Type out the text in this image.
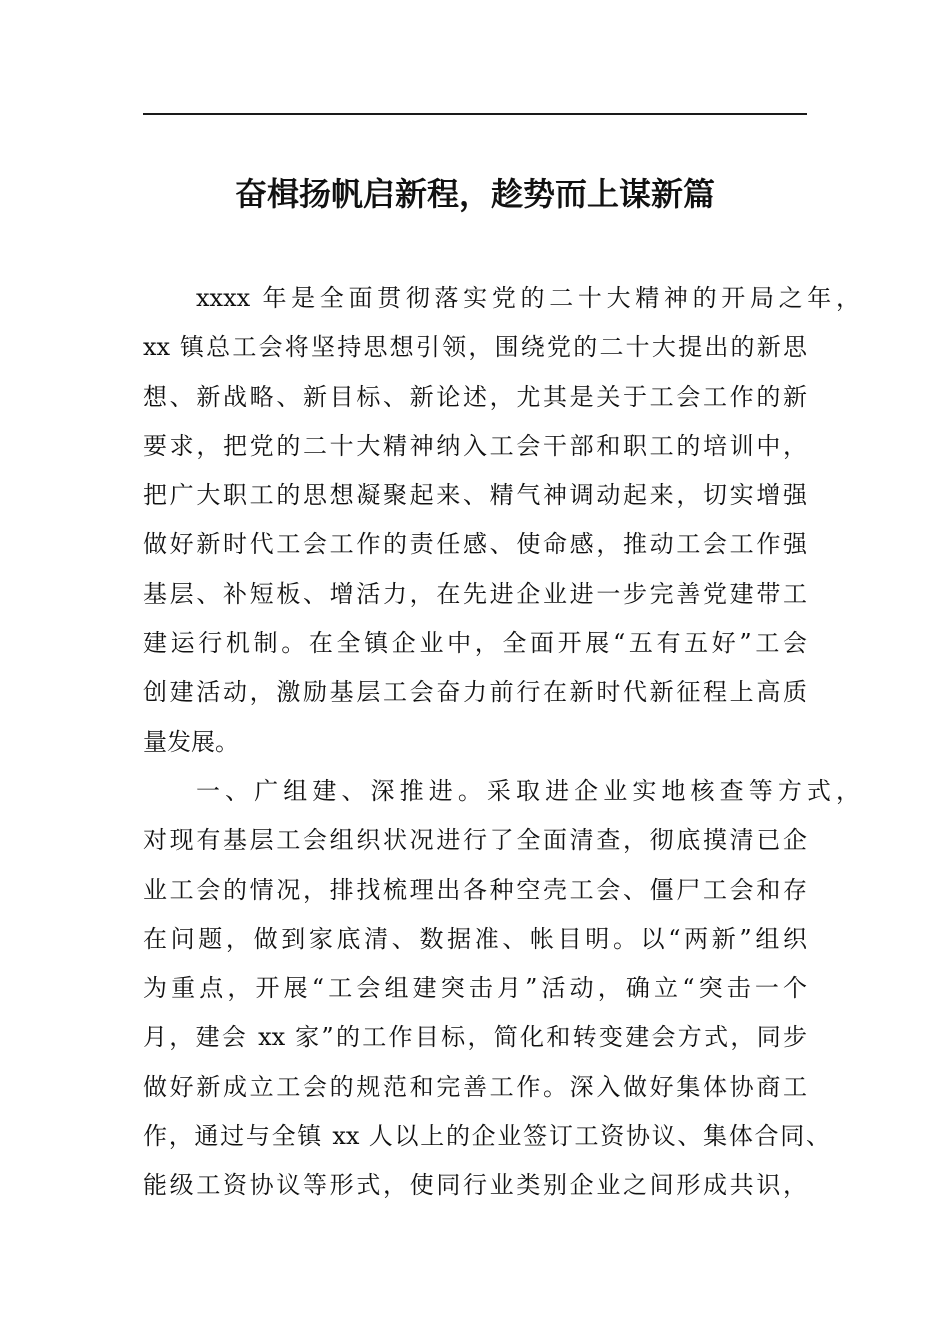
奋楫扬帆启新程，趁势而上谋新篇
xxxx 年是全面贯彻落实党的二十大精神的开局之年，
xx 镇总工会将坚持思想引领，围绕党的二十大提出的新思
想、新战略、新目标、新论述，尤其是关于工会工作的新
要求，把党的二十大精神纳入工会干部和职工的培训中，
把广大职工的思想凝聚起来、精气神调动起来，切实增强
做好新时代工会工作的责任感、使命感，推动工会工作强
基层、补短板、增活力，在先进企业进一步完善党建带工
建运行机制。在全镇企业中，全面开展“五有五好”工会
创建活动，激励基层工会奋力前行在新时代新征程上高质
量发展。
一、广组建、深推进。采取进企业实地核查等方式，
对现有基层工会组织状况进行了全面清查，彻底摸清已企
业工会的情况，排找梳理出各种空壳工会、僵尸工会和存
在问题，做到家底清、数据准、帐目明。以“两新”组织
为重点，开展“工会组建突击月”活动，确立“突击一个
月，建会 xx 家”的工作目标，简化和转变建会方式，同步
做好新成立工会的规范和完善工作。深入做好集体协商工
作，通过与全镇 xx 人以上的企业签订工资协议、集体合同、
能级工资协议等形式，使同行业类别企业之间形成共识，
